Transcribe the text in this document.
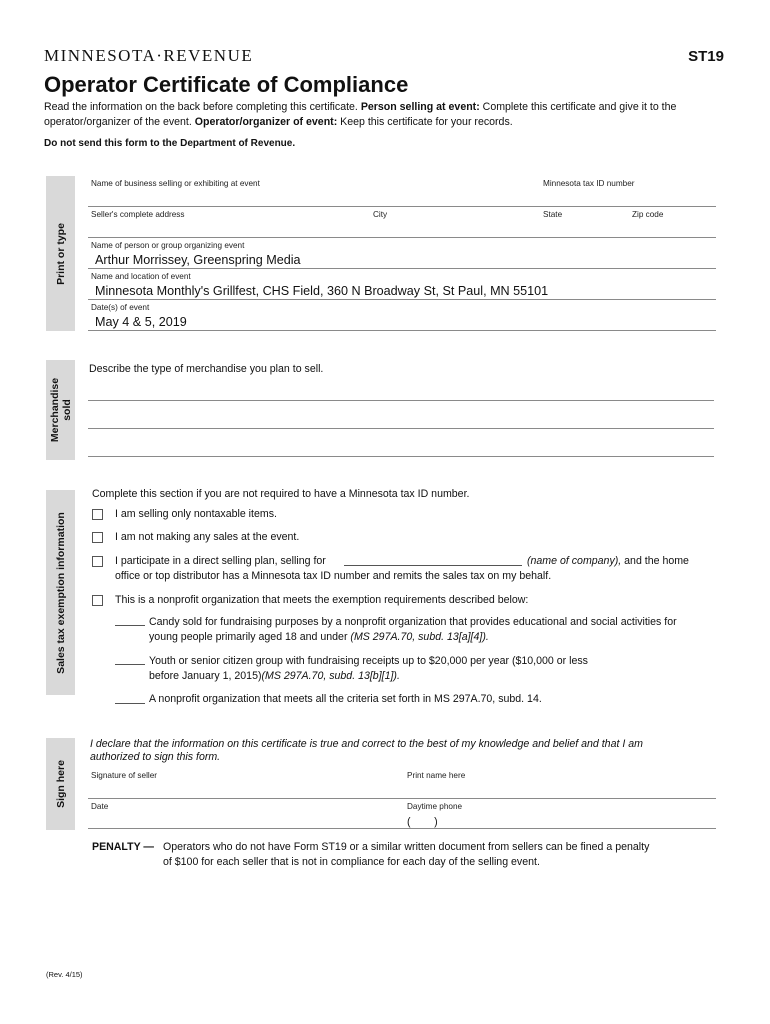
MINNESOTA·REVENUE	ST19
Operator Certificate of Compliance
Read the information on the back before completing this certificate. Person selling at event: Complete this certificate and give it to the operator/organizer of the event. Operator/organizer of event: Keep this certificate for your records.
Do not send this form to the Department of Revenue.
Print or type
Merchandise sold
Sales tax exemption information
Sign here
Name of business selling or exhibiting at event	Minnesota tax ID number
Seller's complete address	City	State	Zip code
Name of person or group organizing event
Arthur Morrissey, Greenspring Media
Name and location of event
Minnesota Monthly's Grillfest, CHS Field, 360 N Broadway St, St Paul, MN 55101
Date(s) of event
May 4 & 5, 2019
Describe the type of merchandise you plan to sell.
Complete this section if you are not required to have a Minnesota tax ID number.
I am selling only nontaxable items.
I am not making any sales at the event.
I participate in a direct selling plan, selling for	(name of company), and the home
office or top distributor has a Minnesota tax ID number and remits the sales tax on my behalf.
This is a nonprofit organization that meets the exemption requirements described below:
Candy sold for fundraising purposes by a nonprofit organization that provides educational and social activities for
young people primarily aged 18 and under (MS 297A.70, subd. 13[a][4]).
Youth or senior citizen group with fundraising receipts up to $20,000 per year ($10,000 or less
before January 1, 2015)(MS 297A.70, subd. 13[b][1]).
A nonprofit organization that meets all the criteria set forth in MS 297A.70, subd. 14.
I declare that the information on this certificate is true and correct to the best of my knowledge and belief and that I am
authorized to sign this form.
Signature of seller	Print name here
Date	Daytime phone
(        )
PENALTY — Operators who do not have Form ST19 or a similar written document from sellers can be fined a penalty
of $100 for each seller that is not in compliance for each day of the selling event.
(Rev. 4/15)
